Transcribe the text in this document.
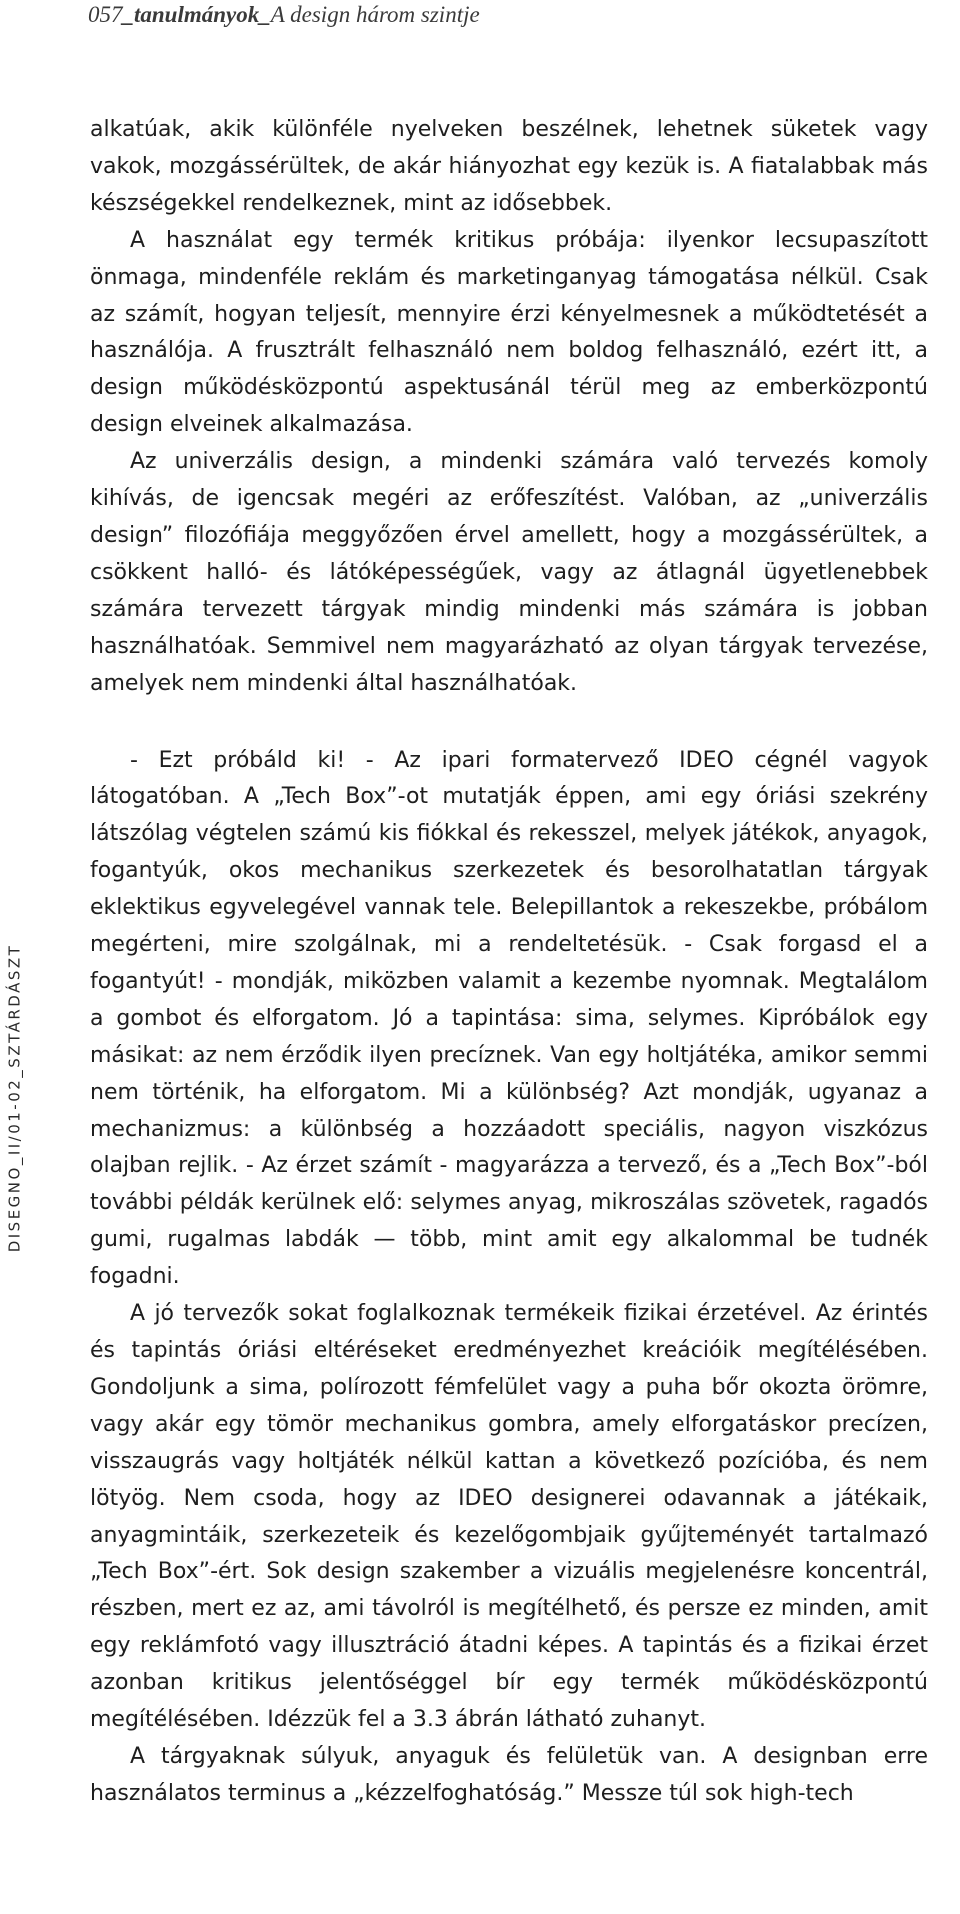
057_tanulmányok_A design három szintje
DISEGNO_II/01-02_SZTÁRDÁSZT

alkatúak, akik különféle nyelveken beszélnek, lehetnek süketek vagy vakok, mozgássérültek, de akár hiányozhat egy kezük is. A fiatalabbak más készségekkel rendelkeznek, mint az idősebbek.

A használat egy termék kritikus próbája: ilyenkor lecsupaszított önmaga, mindenféle reklám és marketinganyag támogatása nélkül. Csak az számít, hogyan teljesít, mennyire érzi kényelmesnek a működtetését a használója. A frusztrált felhasználó nem boldog felhasználó, ezért itt, a design működésközpontú aspektusánál térül meg az emberközpontú design elveinek alkalmazása.

Az univerzális design, a mindenki számára való tervezés komoly kihívás, de igencsak megéri az erőfeszítést. Valóban, az „univerzális design” filozófiája meggyőzően érvel amellett, hogy a mozgássérültek, a csökkent halló- és látóképességűek, vagy az átlagnál ügyetlenebbek számára tervezett tárgyak mindig mindenki más számára is jobban használhatóak. Semmivel nem magyarázható az olyan tárgyak tervezése, amelyek nem mindenki által használhatóak.

- Ezt próbáld ki! - Az ipari formatervező IDEO cégnél vagyok látogatóban. A „Tech Box”-ot mutatják éppen, ami egy óriási szekrény látszólag végtelen számú kis fiókkal és rekesszel, melyek játékok, anyagok, fogantyúk, okos mechanikus szerkezetek és besorolhatatlan tárgyak eklektikus egyvelegével vannak tele. Belepillantok a rekeszekbe, próbálom megérteni, mire szolgálnak, mi a rendeltetésük. - Csak forgasd el a fogantyút! - mondják, miközben valamit a kezembe nyomnak. Megtalálom a gombot és elforgatom. Jó a tapintása: sima, selymes. Kipróbálok egy másikat: az nem érződik ilyen precíznek. Van egy holtjátéka, amikor semmi nem történik, ha elforgatom. Mi a különbség? Azt mondják, ugyanaz a mechanizmus: a különbség a hozzáadott speciális, nagyon viszkózus olajban rejlik. - Az érzet számít - magyarázza a tervező, és a „Tech Box”-ból további példák kerülnek elő: selymes anyag, mikroszálas szövetek, ragadós gumi, rugalmas labdák — több, mint amit egy alkalommal be tudnék fogadni.

A jó tervezők sokat foglalkoznak termékeik fizikai érzetével. Az érintés és tapintás óriási eltéréseket eredményezhet kreációik megítélésében. Gondoljunk a sima, polírozott fémfelület vagy a puha bőr okozta örömre, vagy akár egy tömör mechanikus gombra, amely elforgatáskor precízen, visszaugrás vagy holtjáték nélkül kattan a következő pozícióba, és nem lötyög. Nem csoda, hogy az IDEO designerei odavannak a játékaik, anyagmintáik, szerkezeteik és kezelőgombjaik gyűjteményét tartalmazó „Tech Box”-ért. Sok design szakember a vizuális megjelenésre koncentrál, részben, mert ez az, ami távolról is megítélhető, és persze ez minden, amit egy reklámfotó vagy illusztráció átadni képes. A tapintás és a fizikai érzet azonban kritikus jelentőséggel bír egy termék működésközpontú megítélésében. Idézzük fel a 3.3 ábrán látható zuhanyt.

A tárgyaknak súlyuk, anyaguk és felületük van. A designban erre használatos terminus a „kézzelfoghatóság.” Messze túl sok high-tech
